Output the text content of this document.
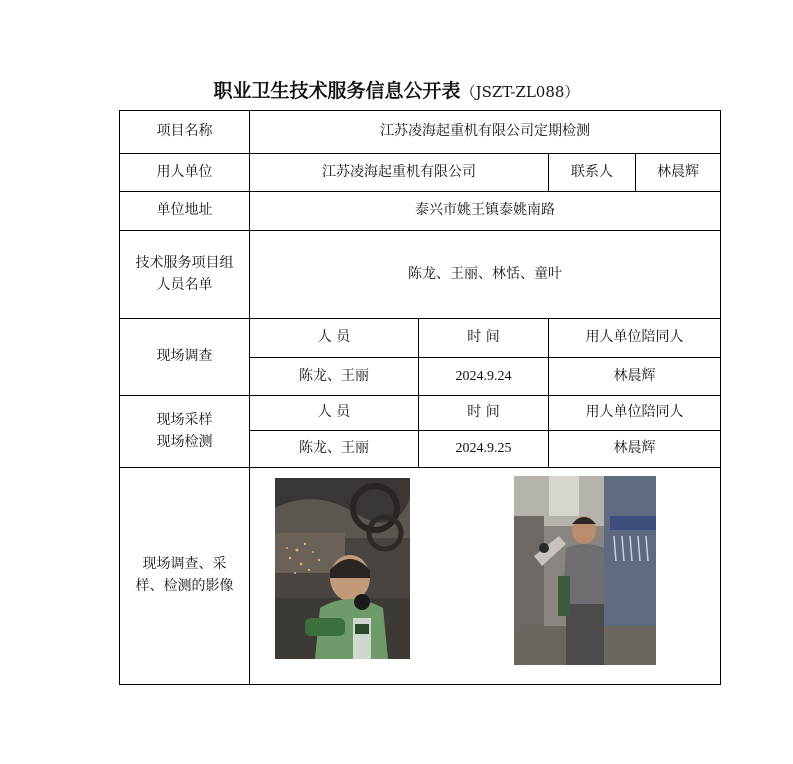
职业卫生技术服务信息公开表（JSZT-ZL088）
项目名称	江苏凌海起重机有限公司定期检测			
用人单位	江苏凌海起重机有限公司		联系人	林晨辉
单位地址	泰兴市姚王镇泰姚南路			

技术服务项目组人员名单	陈龙、王丽、林恬、童叶			
现场调查	人 员	时 间	用人单位陪同人	
	陈龙、王丽	2024.9.24	林晨辉	

现场采样现场检测	人 员	时 间	用人单位陪同人	
	陈龙、王丽	2024.9.25	林晨辉	

现场调查、采样、检测的影像
